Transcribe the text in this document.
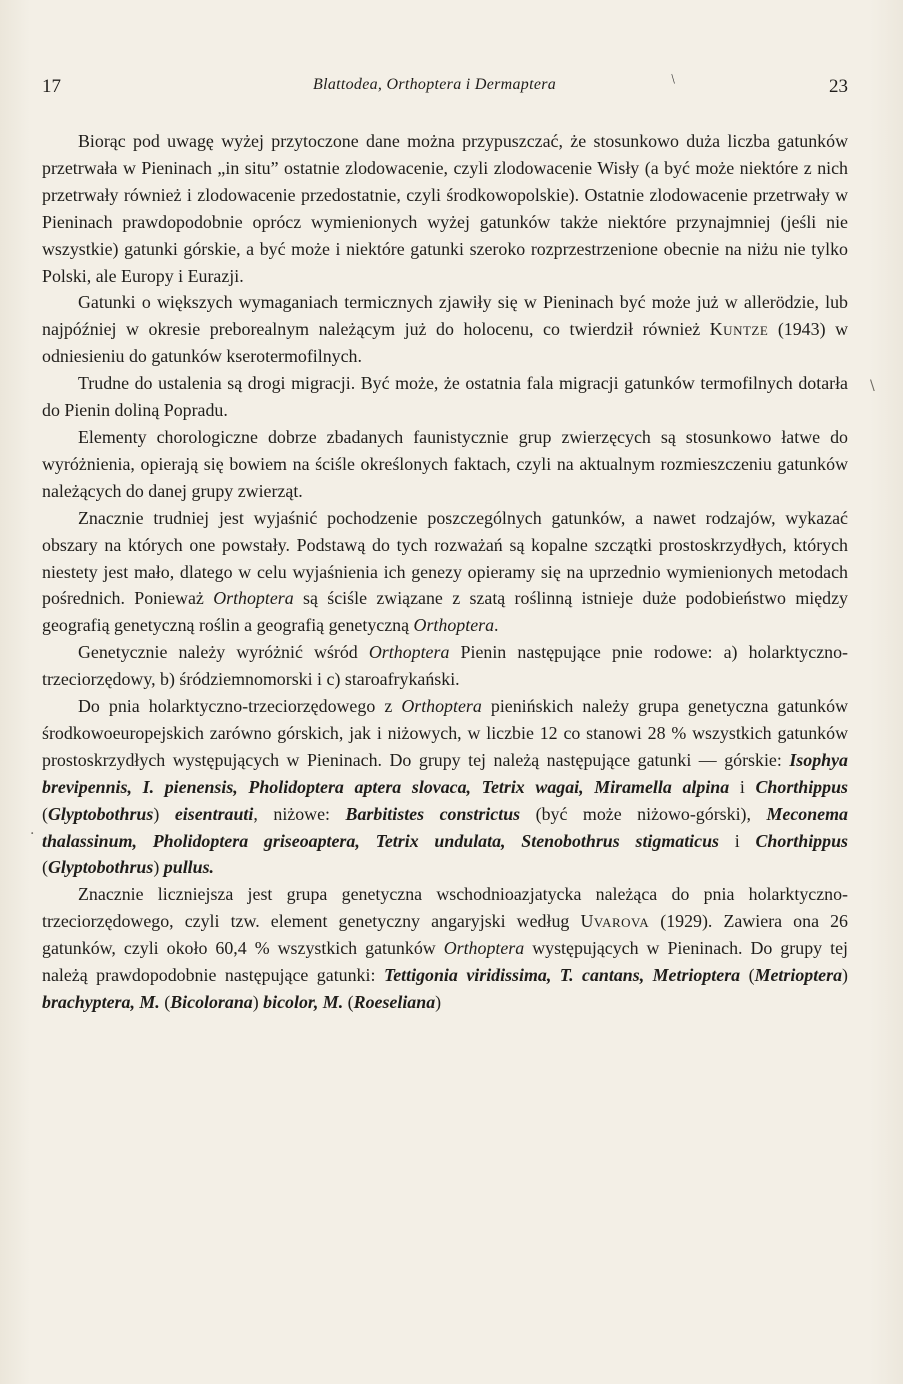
17	Blattodea, Orthoptera i Dermaptera	/	23
\
·

Biorąc pod uwagę wyżej przytoczone dane można przypuszczać, że stosunkowo duża liczba gatunków przetrwała w Pieninach „in situ” ostatnie zlodowacenie, czyli zlodowacenie Wisły (a być może niektóre z nich przetrwały również i zlodowacenie przedostatnie, czyli środkowopolskie). Ostatnie zlodowacenie przetrwały w Pieninach prawdopodobnie oprócz wymienionych wyżej gatunków także niektóre przynajmniej (jeśli nie wszystkie) gatunki górskie, a być może i niektóre gatunki szeroko rozprzestrzenione obecnie na niżu nie tylko Polski, ale Europy i Eurazji.

Gatunki o większych wymaganiach termicznych zjawiły się w Pieninach być może już w allerödzie, lub najpóźniej w okresie preborealnym należącym już do holocenu, co twierdził również Kuntze (1943) w odniesieniu do gatunków kserotermofilnych.

Trudne do ustalenia są drogi migracji. Być może, że ostatnia fala migracji gatunków termofilnych dotarła do Pienin doliną Popradu.

Elementy chorologiczne dobrze zbadanych faunistycznie grup zwierzęcych są stosunkowo łatwe do wyróżnienia, opierają się bowiem na ściśle określonych faktach, czyli na aktualnym rozmieszczeniu gatunków należących do danej grupy zwierząt.

Znacznie trudniej jest wyjaśnić pochodzenie poszczególnych gatunków, a nawet rodzajów, wykazać obszary na których one powstały. Podstawą do tych rozważań są kopalne szczątki prostoskrzydłych, których niestety jest mało, dlatego w celu wyjaśnienia ich genezy opieramy się na uprzednio wymienionych metodach pośrednich. Ponieważ Orthoptera są ściśle związane z szatą roślinną istnieje duże podobieństwo między geografią genetyczną roślin a geografią genetyczną Orthoptera.

Genetycznie należy wyróżnić wśród Orthoptera Pienin następujące pnie rodowe: a) holarktyczno-trzeciorzędowy, b) śródziemnomorski i c) staroafrykański.

Do pnia holarktyczno-trzeciorzędowego z Orthoptera pienińskich należy grupa genetyczna gatunków środkowoeuropejskich zarówno górskich, jak i niżowych, w liczbie 12 co stanowi 28 % wszystkich gatunków prostoskrzydłych występujących w Pieninach. Do grupy tej należą następujące gatunki — górskie: Isophya brevipennis, I. pienensis, Pholidoptera aptera slovaca, Tetrix wagai, Miramella alpina i Chorthippus (Glyptobothrus) eisentrauti, niżowe: Barbitistes constrictus (być może niżowo-górski), Meconema thalassinum, Pholidoptera griseoaptera, Tetrix undulata, Stenobothrus stigmaticus i Chorthippus (Glyptobothrus) pullus.

Znacznie liczniejsza jest grupa genetyczna wschodnioazjatycka należąca do pnia holarktyczno-trzeciorzędowego, czyli tzw. element genetyczny angaryjski według Uvarova (1929). Zawiera ona 26 gatunków, czyli około 60,4 % wszystkich gatunków Orthoptera występujących w Pieninach. Do grupy tej należą prawdopodobnie następujące gatunki: Tettigonia viridissima, T. cantans, Metrioptera (Metrioptera) brachyptera, M. (Bicolorana) bicolor, M. (Roeseliana)
